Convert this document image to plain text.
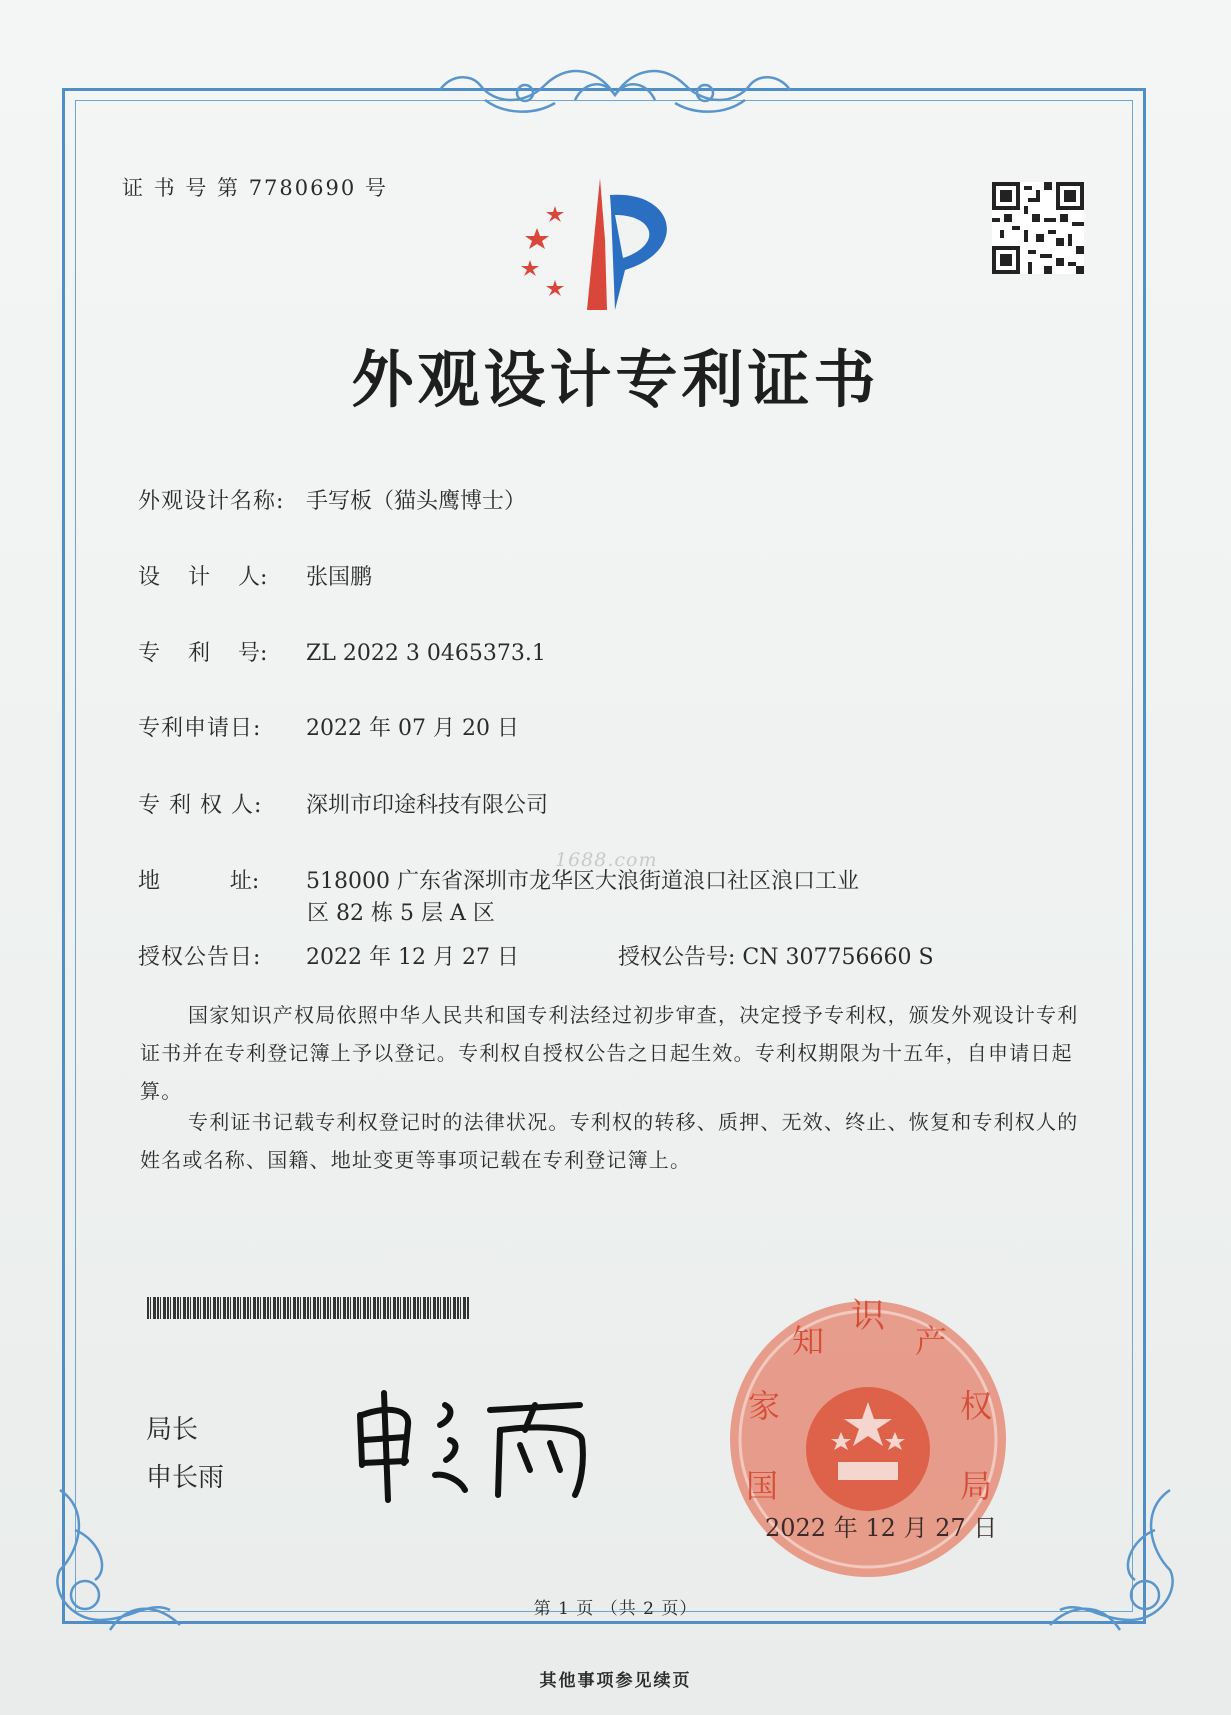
证 书 号 第 7780690 号
外观设计专利证书
外观设计名称: 手写板（猫头鹰博士）
设    计    人: 张国鹏
专    利    号: ZL 2022 3 0465373.1
专利申请日: 2022 年 07 月 20 日
专 利 权 人: 深圳市印途科技有限公司
地          址: 518000 广东省深圳市龙华区大浪街道浪口社区浪口工业
区 82 栋 5 层 A 区
1688.com
授权公告日: 2022 年 12 月 27 日	授权公告号: CN 307756660 S
国家知识产权局依照中华人民共和国专利法经过初步审查，决定授予专利权，颁发外观设计专利证书并在专利登记簿上予以登记。专利权自授权公告之日起生效。专利权期限为十五年，自申请日起算。
专利证书记载专利权登记时的法律状况。专利权的转移、质押、无效、终止、恢复和专利权人的姓名或名称、国籍、地址变更等事项记载在专利登记簿上。
局长
申长雨
识
知	产
家	权
国	局
2022 年 12 月 27 日
第 1 页 （共 2 页）
其他事项参见续页
